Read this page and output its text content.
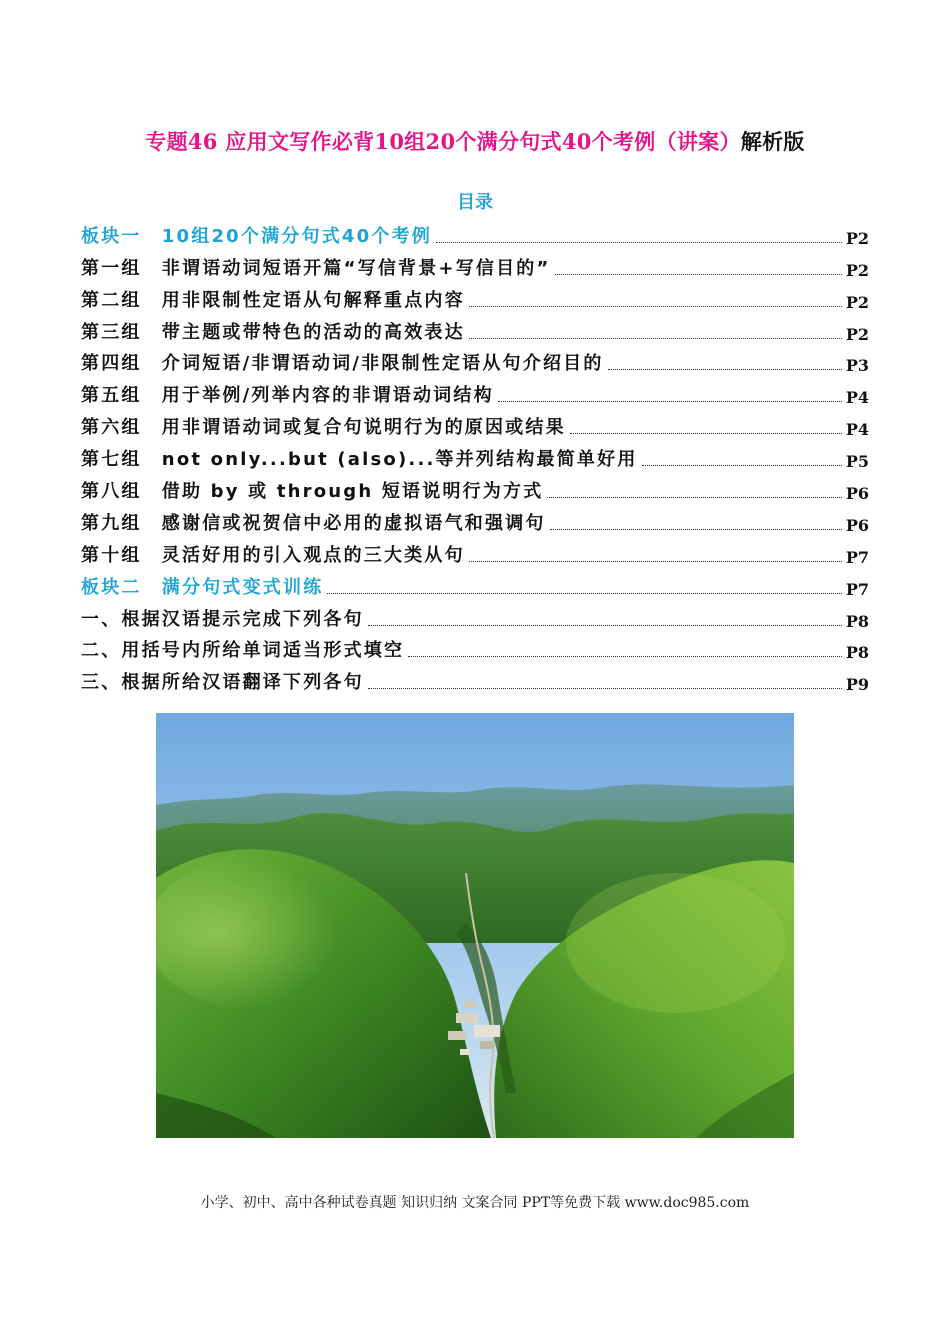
专题46 应用文写作必背10组20个满分句式40个考例（讲案）解析版
目录
板块一　10组20个满分句式40个考例	P2
第一组　非谓语动词短语开篇“写信背景+写信目的”	P2
第二组　用非限制性定语从句解释重点内容	P2
第三组　带主题或带特色的活动的高效表达	P2
第四组　介词短语/非谓语动词/非限制性定语从句介绍目的	P3
第五组　用于举例/列举内容的非谓语动词结构	P4
第六组　用非谓语动词或复合句说明行为的原因或结果	P4
第七组　not only...but (also)...等并列结构最简单好用	P5
第八组　借助 by 或 through 短语说明行为方式	P6
第九组　感谢信或祝贺信中必用的虚拟语气和强调句	P6
第十组　灵活好用的引入观点的三大类从句	P7
板块二　满分句式变式训练	P7
一、根据汉语提示完成下列各句	P8
二、用括号内所给单词适当形式填空	P8
三、根据所给汉语翻译下列各句	P9
小学、初中、高中各种试卷真题 知识归纳 文案合同 PPT等免费下载 www.doc985.com
